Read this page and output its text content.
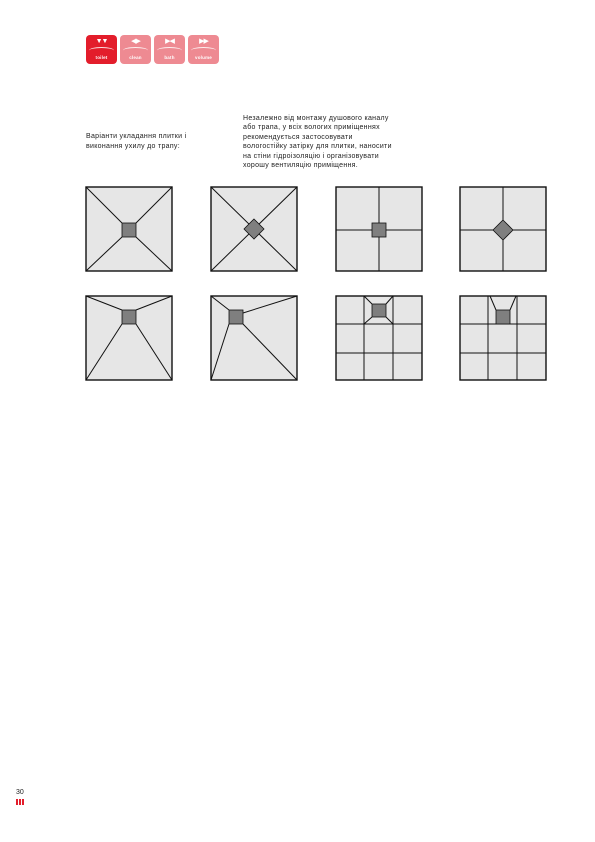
▼▼
toilet
◀▶
clean
▶◀
bath
▶▶
volume
Варіанти укладання плитки і виконання ухилу до трапу:
Незалежно від монтажу душового каналу або трапа, у всіх вологих приміщеннях рекомендується застосовувати вологостійку затірку для плитки, наносити на стіни гідроізоляцію і організовувати хорошу вентиляцію приміщення.
30
